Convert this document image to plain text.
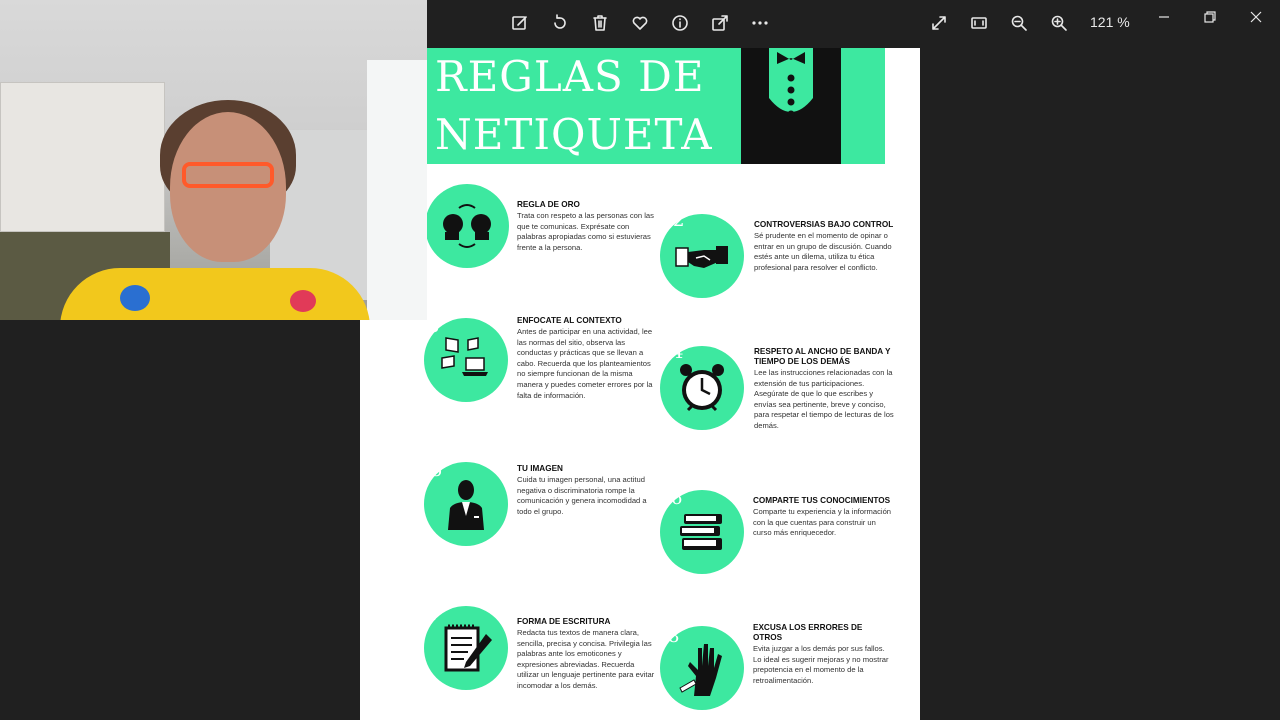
REGLAS DE
NETIQUETA
1
REGLA DE ORO
Trata con respeto a las personas con las que te comunicas. Exprésate con palabras apropiadas como si estuvieras frente a la persona.
2	CONTROVERSIAS BAJO CONTROL
Sé prudente en el momento de opinar o entrar en un grupo de discusión. Cuando estés ante un dilema, utiliza tu ética profesional para resolver el conflicto.
3	ENFOCATE AL CONTEXTO
Antes de participar en una actividad, lee las normas del sitio, observa las conductas y prácticas que se llevan a cabo. Recuerda que los planteamientos no siempre funcionan de la misma manera y puedes cometer errores por la falta de información.
4	RESPETO AL ANCHO DE BANDA Y TIEMPO DE LOS DEMÁS
Lee las instrucciones relacionadas con la extensión de tus participaciones. Asegúrate de que lo que escribes y envías sea pertinente, breve y conciso, para respetar el tiempo de lecturas de los demás.
5	TU IMAGEN
Cuida tu imagen personal, una actitud negativa o discriminatoria rompe la comunicación y genera incomodidad a todo el grupo.
6	COMPARTE TUS CONOCIMIENTOS
Comparte tu experiencia y la información con la que cuentas para construir un curso más enriquecedor.
7	FORMA DE ESCRITURA
Redacta tus textos de manera clara, sencilla, precisa y concisa. Privilegia las palabras ante los emoticones y expresiones abreviadas. Recuerda utilizar un lenguaje pertinente para evitar incomodar a los demás.
8	EXCUSA LOS ERRORES DE OTROS
Evita juzgar a los demás por sus fallos. Lo ideal es sugerir mejoras y no mostrar prepotencia en el momento de la retroalimentación.
121 %
